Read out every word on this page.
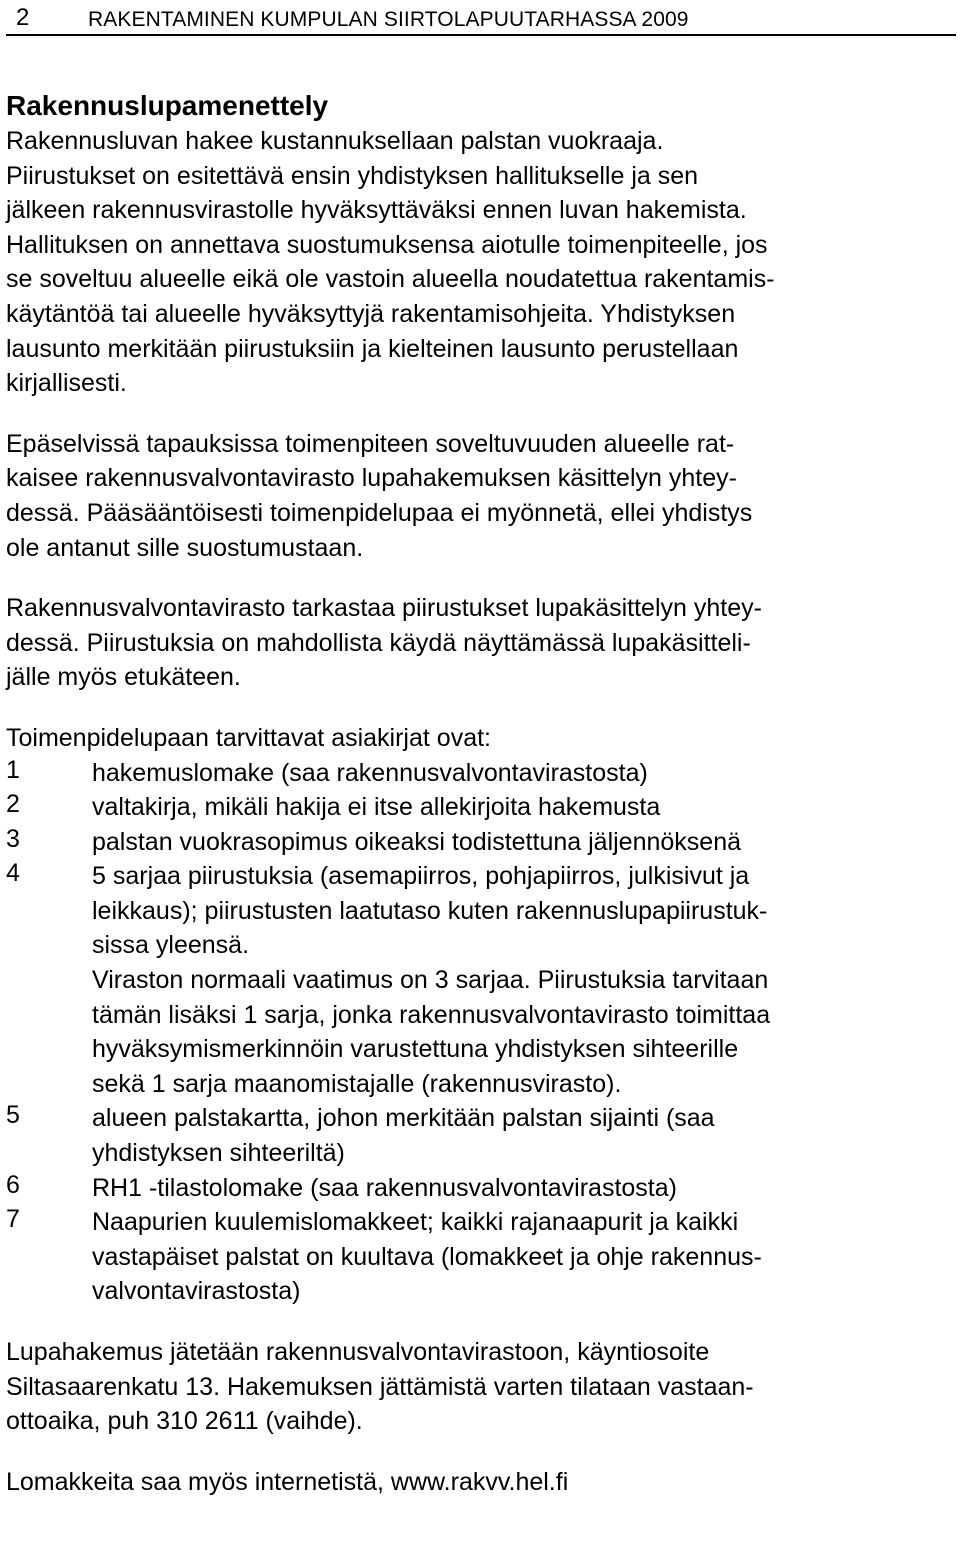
2	RAKENTAMINEN KUMPULAN SIIRTOLAPUUTARHASSA 2009
Rakennuslupamenettely
Rakennusluvan hakee kustannuksellaan palstan vuokraaja.
Piirustukset on esitettävä ensin yhdistyksen hallitukselle ja sen
jälkeen rakennusvirastolle hyväksyttäväksi ennen luvan hakemista.
Hallituksen on annettava suostumuksensa aiotulle toimenpiteelle, jos
se soveltuu alueelle eikä ole vastoin alueella noudatettua rakentamis-
käytäntöä tai alueelle hyväksyttyjä rakentamisohjeita. Yhdistyksen
lausunto merkitään piirustuksiin ja kielteinen lausunto perustellaan
kirjallisesti.
Epäselvissä tapauksissa toimenpiteen soveltuvuuden alueelle rat-
kaisee rakennusvalvontavirasto lupahakemuksen käsittelyn yhtey-
dessä. Pääsääntöisesti toimenpidelupaa ei myönnetä, ellei yhdistys
ole antanut sille suostumustaan.
Rakennusvalvontavirasto tarkastaa piirustukset lupakäsittelyn yhtey-
dessä. Piirustuksia on mahdollista käydä näyttämässä lupakäsitteli-
jälle myös etukäteen.
Toimenpidelupaan tarvittavat asiakirjat ovat:
1	hakemuslomake (saa rakennusvalvontavirastosta)
2	valtakirja, mikäli hakija ei itse allekirjoita hakemusta
3	palstan vuokrasopimus oikeaksi todistettuna jäljennöksenä
4	5 sarjaa piirustuksia (asemapiirros, pohjapiirros, julkisivut ja
leikkaus); piirustusten laatutaso kuten rakennuslupapiirustuk-
sissa yleensä.
Viraston normaali vaatimus on 3 sarjaa. Piirustuksia tarvitaan
tämän lisäksi 1 sarja, jonka rakennusvalvontavirasto toimittaa
hyväksymismerkinnöin varustettuna yhdistyksen sihteerille
sekä 1 sarja maanomistajalle (rakennusvirasto).
5	alueen palstakartta, johon merkitään palstan sijainti (saa
yhdistyksen sihteeriltä)
6	RH1 -tilastolomake (saa rakennusvalvontavirastosta)
7	Naapurien kuulemislomakkeet; kaikki rajanaapurit ja kaikki
vastapäiset palstat on kuultava (lomakkeet ja ohje rakennus-
valvontavirastosta)
Lupahakemus jätetään rakennusvalvontavirastoon, käyntiosoite
Siltasaarenkatu 13. Hakemuksen jättämistä varten tilataan vastaan-
ottoaika, puh 310 2611 (vaihde).
Lomakkeita saa myös internetistä, www.rakvv.hel.fi
